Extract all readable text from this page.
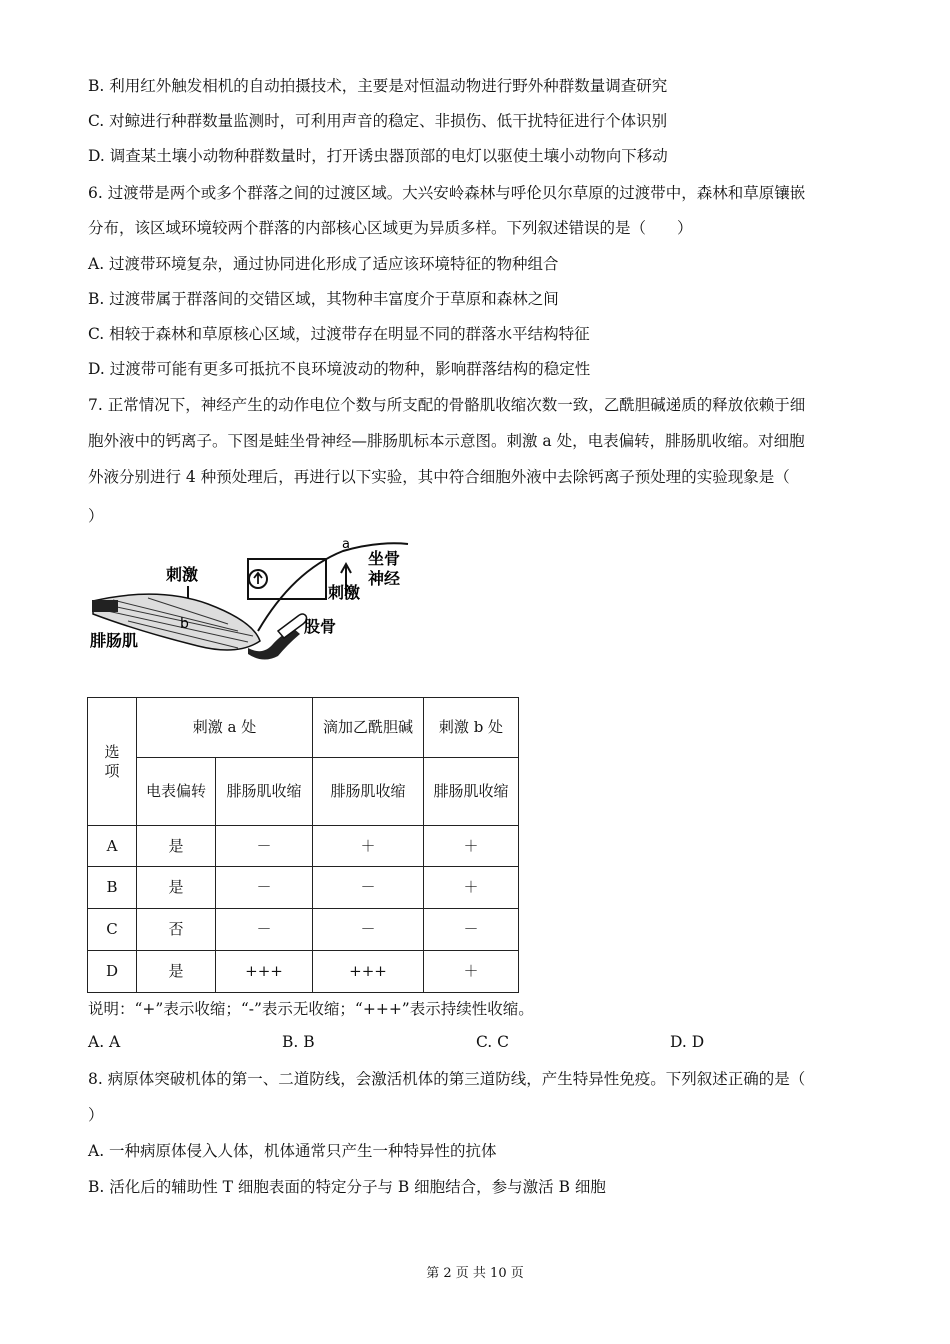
B. 利用红外触发相机的自动拍摄技术，主要是对恒温动物进行野外种群数量调查研究
C. 对鲸进行种群数量监测时，可利用声音的稳定、非损伤、低干扰特征进行个体识别
D. 调查某土壤小动物种群数量时，打开诱虫器顶部的电灯以驱使土壤小动物向下移动
6. 过渡带是两个或多个群落之间的过渡区域。大兴安岭森林与呼伦贝尔草原的过渡带中，森林和草原镶嵌
分布，该区域环境较两个群落的内部核心区域更为异质多样。下列叙述错误的是（　　）
A. 过渡带环境复杂，通过协同进化形成了适应该环境特征的物种组合
B. 过渡带属于群落间的交错区域，其物种丰富度介于草原和森林之间
C. 相较于森林和草原核心区域，过渡带存在明显不同的群落水平结构特征
D. 过渡带可能有更多可抵抗不良环境波动的物种，影响群落结构的稳定性
7. 正常情况下，神经产生的动作电位个数与所支配的骨骼肌收缩次数一致，乙酰胆碱递质的释放依赖于细
胞外液中的钙离子。下图是蛙坐骨神经—腓肠肌标本示意图。刺激 a 处，电表偏转，腓肠肌收缩。对细胞
外液分别进行 4 种预处理后，再进行以下实验，其中符合细胞外液中去除钙离子预处理的实验现象是（
）
a
b
刺激
刺激
坐骨
神经
股骨
腓肠肌
选项	刺激 a 处		滴加乙酰胆碱	刺激 b 处

	电表偏转	腓肠肌收缩	腓肠肌收缩	腓肠肌收缩

A	是	－	＋	＋
B	是	－	－	＋
C	否	－	－	－
D	是	+++	+++	＋
说明：“+”表示收缩；“-”表示无收缩；“+++”表示持续性收缩。
A. A	B. B	C. C	D. D
8. 病原体突破机体的第一、二道防线，会激活机体的第三道防线，产生特异性免疫。下列叙述正确的是（
）
A. 一种病原体侵入人体，机体通常只产生一种特异性的抗体
B. 活化后的辅助性 T 细胞表面的特定分子与 B 细胞结合，参与激活 B 细胞
第 2 页 共 10 页
